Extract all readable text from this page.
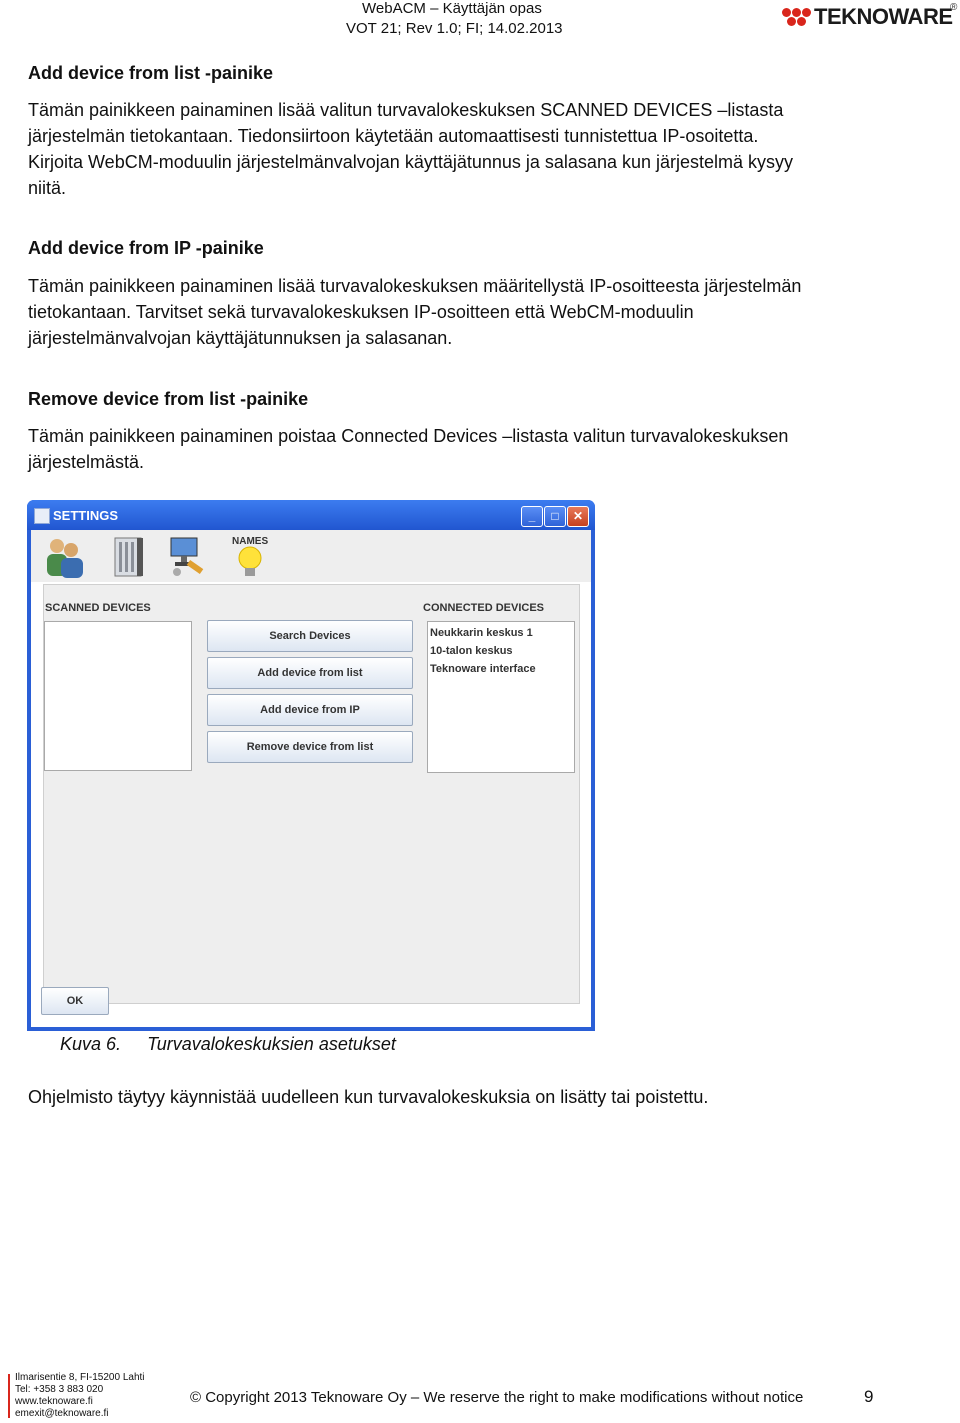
WebACM – Käyttäjän opas
VOT 21; Rev 1.0; FI; 14.02.2013	TEKNOWARE
®
Add device from list -painike
Tämän painikkeen painaminen lisää valitun turvavalokeskuksen SCANNED DEVICES –listasta
järjestelmän tietokantaan. Tiedonsiirtoon käytetään automaattisesti tunnistettua IP-osoitetta.
Kirjoita WebCM-moduulin järjestelmänvalvojan käyttäjätunnus ja salasana kun järjestelmä kysyy
niitä.
Add device from IP -painike
Tämän painikkeen painaminen lisää turvavalokeskuksen määritellystä IP-osoitteesta järjestelmän
tietokantaan. Tarvitset sekä turvavalokeskuksen IP-osoitteen että WebCM-moduulin
järjestelmänvalvojan käyttäjätunnuksen ja salasanan.
Remove device from list -painike
Tämän painikkeen painaminen poistaa Connected Devices –listasta valitun turvavalokeskuksen
järjestelmästä.
SETTINGS	_	□	✕
NAMES
SCANNED DEVICES
Search Devices
Add device from list
Add device from IP
Remove device from list
CONNECTED DEVICES
Neukkarin keskus 1
10-talon keskus
Teknoware interface
OK
Kuva 6. Turvavalokeskuksien asetukset
Ohjelmisto täytyy käynnistää uudelleen kun turvavalokeskuksia on lisätty tai poistettu.
Ilmarisentie 8, FI-15200 Lahti
Tel: +358 3 883 020
www.teknoware.fi
emexit@teknoware.fi
© Copyright 2013 Teknoware Oy – We reserve the right to make modifications without notice	9
